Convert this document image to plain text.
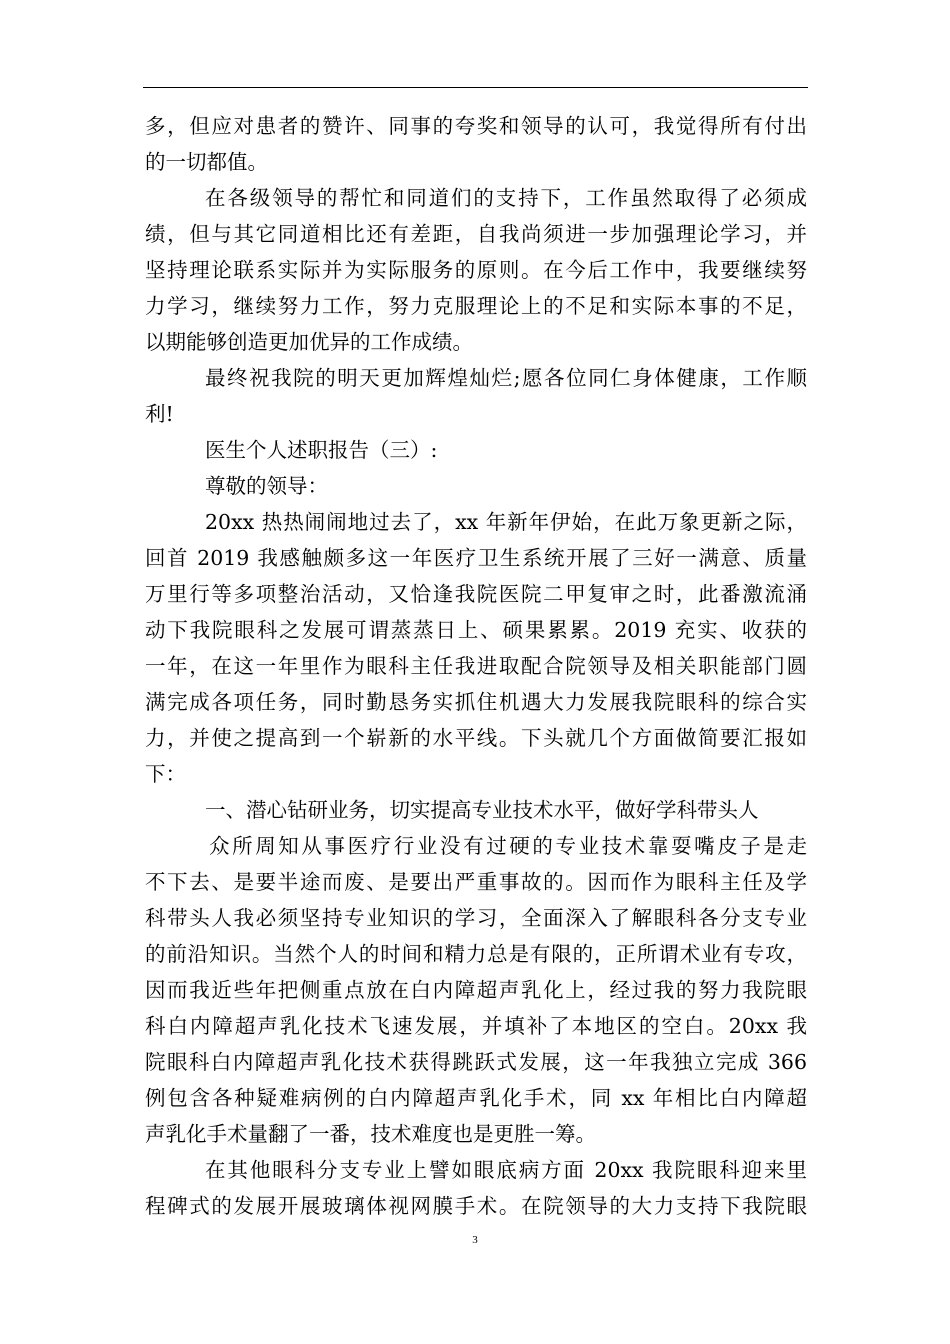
多，但应对患者的赞许、同事的夸奖和领导的认可，我觉得所有付出
的一切都值。
在各级领导的帮忙和同道们的支持下，工作虽然取得了必须成
绩，但与其它同道相比还有差距，自我尚须进一步加强理论学习，并
坚持理论联系实际并为实际服务的原则。在今后工作中，我要继续努
力学习，继续努力工作，努力克服理论上的不足和实际本事的不足，
以期能够创造更加优异的工作成绩。
最终祝我院的明天更加辉煌灿烂;愿各位同仁身体健康，工作顺
利!
医生个人述职报告（三）:
尊敬的领导：
20xx 热热闹闹地过去了，xx 年新年伊始，在此万象更新之际，
回首 2019 我感触颇多这一年医疗卫生系统开展了三好一满意、质量
万里行等多项整治活动，又恰逢我院医院二甲复审之时，此番激流涌
动下我院眼科之发展可谓蒸蒸日上、硕果累累。2019 充实、收获的
一年，在这一年里作为眼科主任我进取配合院领导及相关职能部门圆
满完成各项任务，同时勤恳务实抓住机遇大力发展我院眼科的综合实
力，并使之提高到一个崭新的水平线。下头就几个方面做简要汇报如
下：
一、潜心钻研业务，切实提高专业技术水平，做好学科带头人
众所周知从事医疗行业没有过硬的专业技术靠耍嘴皮子是走
不下去、是要半途而废、是要出严重事故的。因而作为眼科主任及学
科带头人我必须坚持专业知识的学习，全面深入了解眼科各分支专业
的前沿知识。当然个人的时间和精力总是有限的，正所谓术业有专攻，
因而我近些年把侧重点放在白内障超声乳化上，经过我的努力我院眼
科白内障超声乳化技术飞速发展，并填补了本地区的空白。20xx 我
院眼科白内障超声乳化技术获得跳跃式发展，这一年我独立完成 366
例包含各种疑难病例的白内障超声乳化手术，同 xx 年相比白内障超
声乳化手术量翻了一番，技术难度也是更胜一筹。
在其他眼科分支专业上譬如眼底病方面 20xx 我院眼科迎来里
程碑式的发展开展玻璃体视网膜手术。在院领导的大力支持下我院眼
3
